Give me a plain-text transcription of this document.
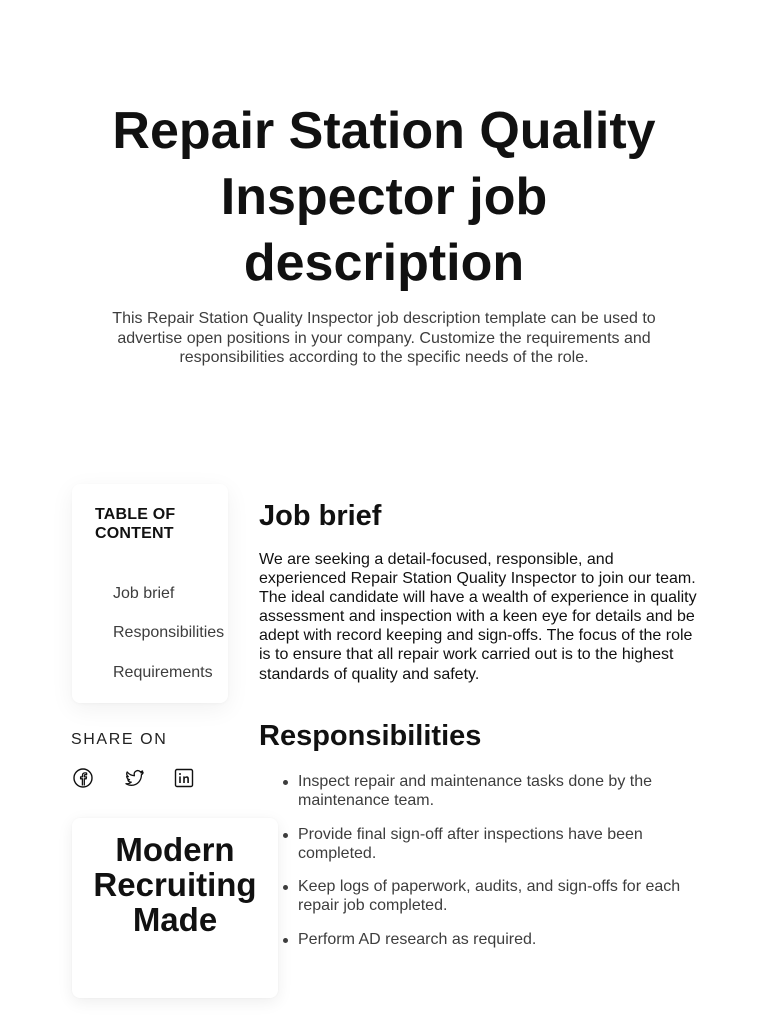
Repair Station Quality Inspector job description

This Repair Station Quality Inspector job description template can be used to advertise open positions in your company. Customize the requirements and responsibilities according to the specific needs of the role.

TABLE OF CONTENT
Job brief
Responsibilities
Requirements
SHARE ON
Modern Recruiting Made
Job brief

We are seeking a detail-focused, responsible, and experienced Repair Station Quality Inspector to join our team. The ideal candidate will have a wealth of experience in quality assessment and inspection with a keen eye for details and be adept with record keeping and sign-offs. The focus of the role is to ensure that all repair work carried out is to the highest standards of quality and safety.

Responsibilities
Inspect repair and maintenance tasks done by the maintenance team.
Provide final sign-off after inspections have been completed.
Keep logs of paperwork, audits, and sign-offs for each repair job completed.
Perform AD research as required.
